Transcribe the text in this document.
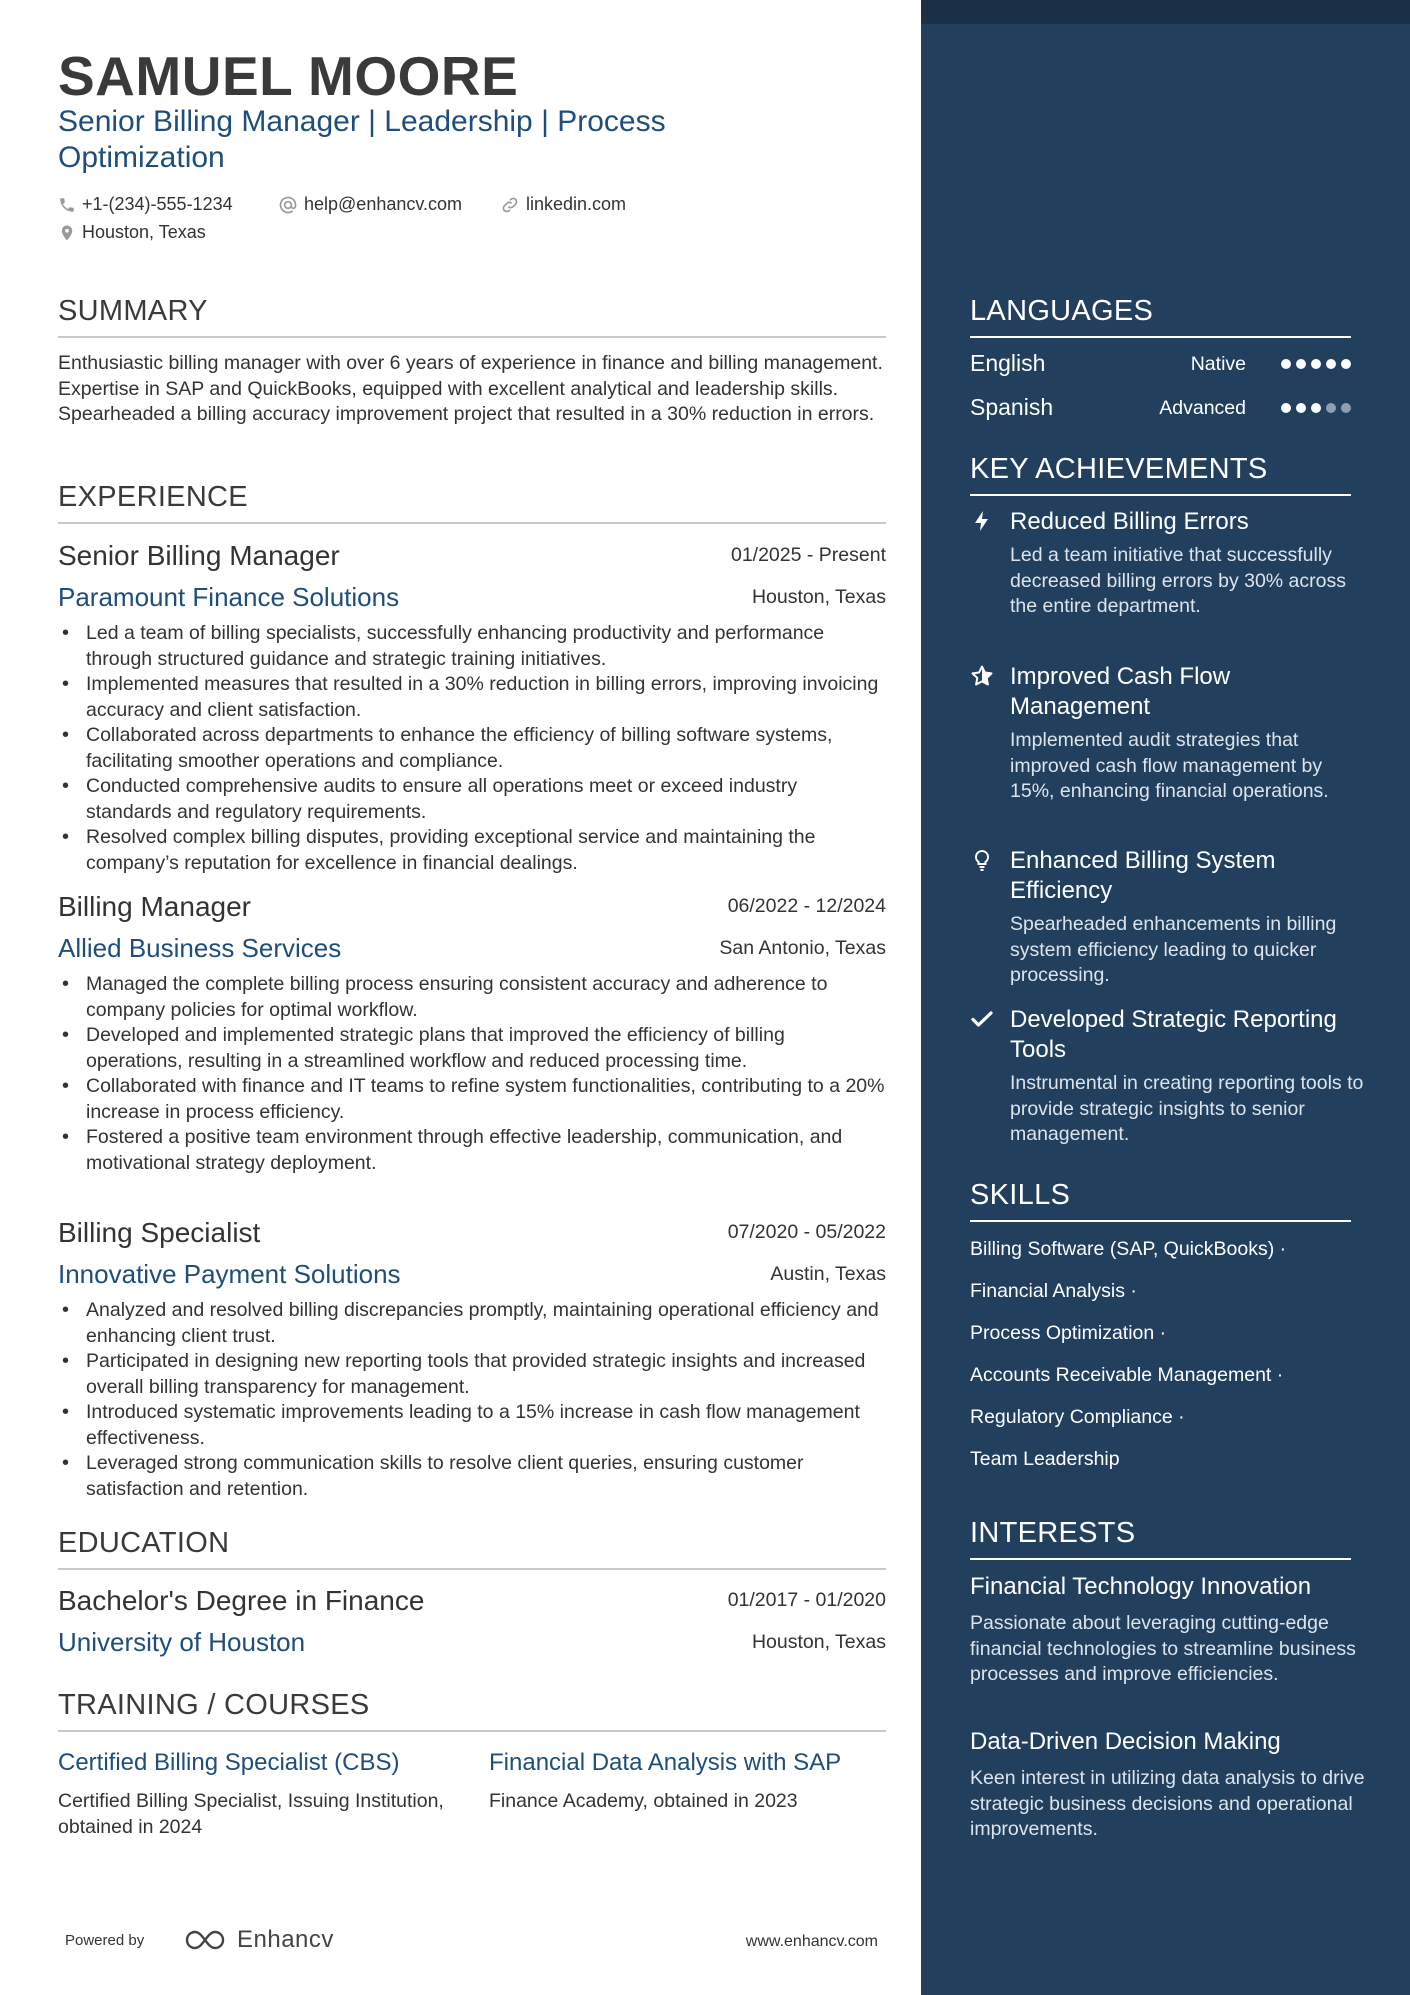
SAMUEL MOORE
Senior Billing Manager | Leadership | Process Optimization
+1-(234)-555-1234	help@enhancv.com	linkedin.com
Houston, Texas
SUMMARY
Enthusiastic billing manager with over 6 years of experience in finance and billing management. Expertise in SAP and QuickBooks, equipped with excellent analytical and leadership skills. Spearheaded a billing accuracy improvement project that resulted in a 30% reduction in errors.
EXPERIENCE
Senior Billing Manager	01/2025 - Present
Paramount Finance Solutions	Houston, Texas
• Led a team of billing specialists, successfully enhancing productivity and performance through structured guidance and strategic training initiatives.
• Implemented measures that resulted in a 30% reduction in billing errors, improving invoicing accuracy and client satisfaction.
• Collaborated across departments to enhance the efficiency of billing software systems, facilitating smoother operations and compliance.
• Conducted comprehensive audits to ensure all operations meet or exceed industry standards and regulatory requirements.
• Resolved complex billing disputes, providing exceptional service and maintaining the company’s reputation for excellence in financial dealings.
Billing Manager	06/2022 - 12/2024
Allied Business Services	San Antonio, Texas
• Managed the complete billing process ensuring consistent accuracy and adherence to company policies for optimal workflow.
• Developed and implemented strategic plans that improved the efficiency of billing operations, resulting in a streamlined workflow and reduced processing time.
• Collaborated with finance and IT teams to refine system functionalities, contributing to a 20% increase in process efficiency.
• Fostered a positive team environment through effective leadership, communication, and motivational strategy deployment.
Billing Specialist	07/2020 - 05/2022
Innovative Payment Solutions	Austin, Texas
• Analyzed and resolved billing discrepancies promptly, maintaining operational efficiency and enhancing client trust.
• Participated in designing new reporting tools that provided strategic insights and increased overall billing transparency for management.
• Introduced systematic improvements leading to a 15% increase in cash flow management effectiveness.
• Leveraged strong communication skills to resolve client queries, ensuring customer satisfaction and retention.
EDUCATION
Bachelor's Degree in Finance	01/2017 - 01/2020
University of Houston	Houston, Texas
TRAINING / COURSES
Certified Billing Specialist (CBS)
Certified Billing Specialist, Issuing Institution, obtained in 2024
Financial Data Analysis with SAP
Finance Academy, obtained in 2023
Powered by	Enhancv	www.enhancv.com
LANGUAGES
English	Native
Spanish	Advanced
KEY ACHIEVEMENTS
Reduced Billing Errors
Led a team initiative that successfully decreased billing errors by 30% across the entire department.
Improved Cash Flow Management
Implemented audit strategies that improved cash flow management by 15%, enhancing financial operations.
Enhanced Billing System Efficiency
Spearheaded enhancements in billing system efficiency leading to quicker processing.
Developed Strategic Reporting Tools
Instrumental in creating reporting tools to provide strategic insights to senior management.
SKILLS
Billing Software (SAP, QuickBooks) ·
Financial Analysis ·
Process Optimization ·
Accounts Receivable Management ·
Regulatory Compliance ·
Team Leadership
INTERESTS
Financial Technology Innovation
Passionate about leveraging cutting-edge financial technologies to streamline business processes and improve efficiencies.
Data-Driven Decision Making
Keen interest in utilizing data analysis to drive strategic business decisions and operational improvements.
